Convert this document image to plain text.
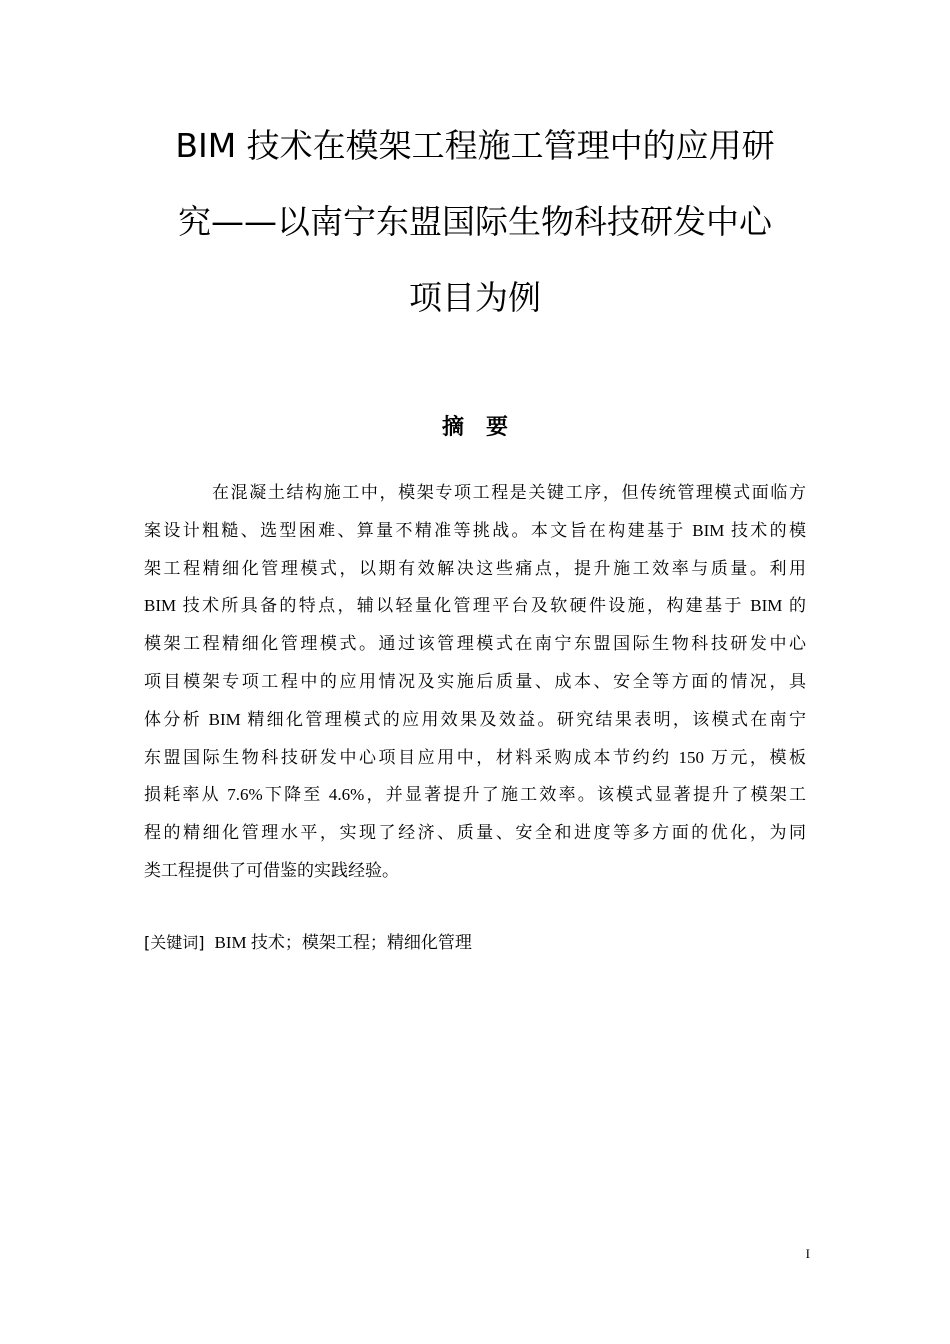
BIM 技术在模架工程施工管理中的应用研
究——以南宁东盟国际生物科技研发中心
项目为例
摘要
在混凝土结构施工中，模架专项工程是关键工序，但传统管理模式面临方
案设计粗糙、选型困难、算量不精准等挑战。本文旨在构建基于 BIM 技术的模
架工程精细化管理模式，以期有效解决这些痛点，提升施工效率与质量。利用
BIM 技术所具备的特点，辅以轻量化管理平台及软硬件设施，构建基于 BIM 的
模架工程精细化管理模式。通过该管理模式在南宁东盟国际生物科技研发中心
项目模架专项工程中的应用情况及实施后质量、成本、安全等方面的情况，具
体分析 BIM 精细化管理模式的应用效果及效益。研究结果表明，该模式在南宁
东盟国际生物科技研发中心项目应用中，材料采购成本节约约 150 万元，模板
损耗率从 7.6%下降至 4.6%，并显著提升了施工效率。该模式显著提升了模架工
程的精细化管理水平，实现了经济、质量、安全和进度等多方面的优化，为同
类工程提供了可借鉴的实践经验。

[关键词] BIM 技术；模架工程；精细化管理

I
